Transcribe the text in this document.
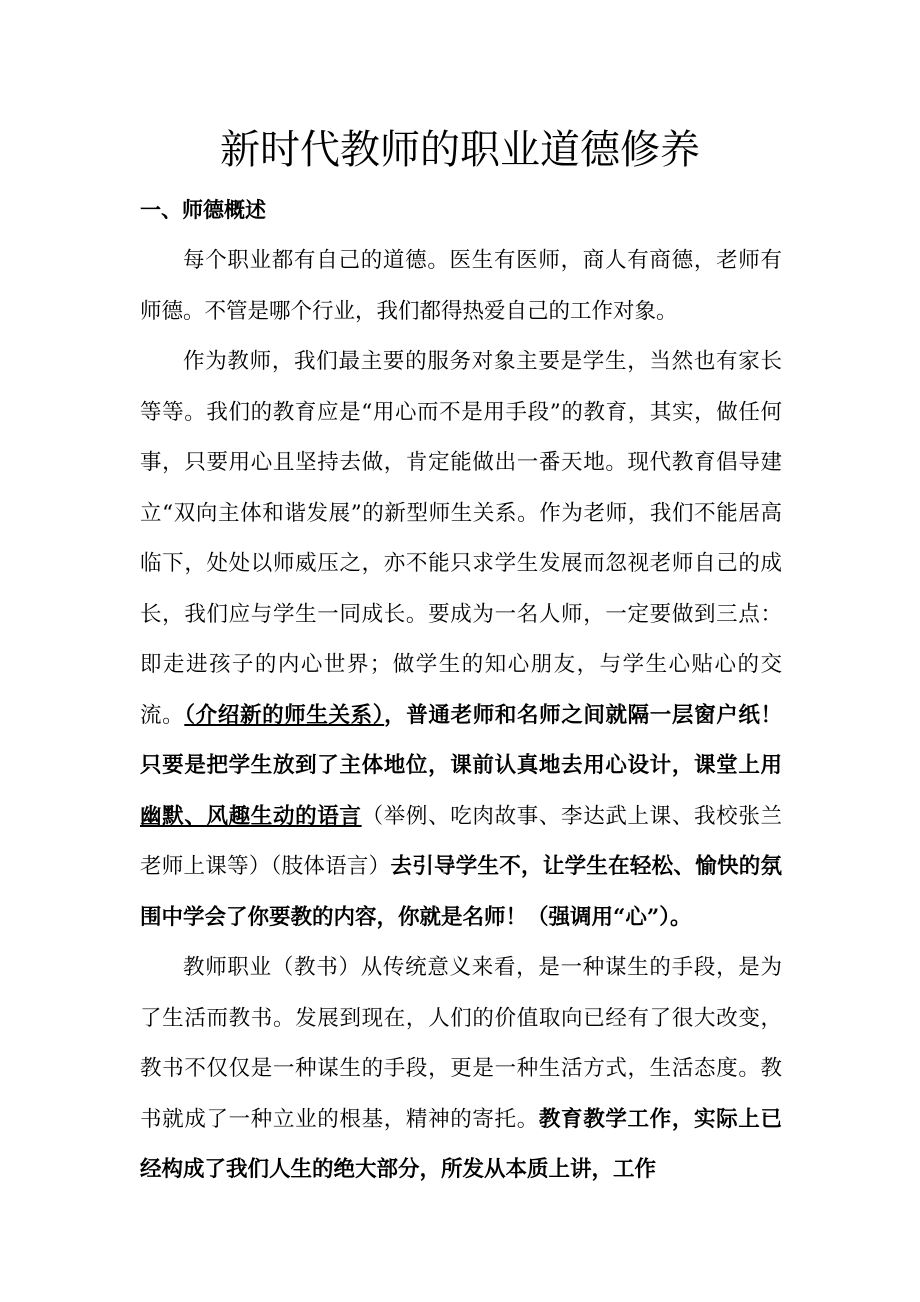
新时代教师的职业道德修养
一、师德概述

每个职业都有自己的道德。医生有医师，商人有商德，老师有师德。不管是哪个行业，我们都得热爱自己的工作对象。

作为教师，我们最主要的服务对象主要是学生，当然也有家长等等。我们的教育应是“用心而不是用手段”的教育，其实，做任何事，只要用心且坚持去做，肯定能做出一番天地。现代教育倡导建立“双向主体和谐发展”的新型师生关系。作为老师，我们不能居高临下，处处以师威压之，亦不能只求学生发展而忽视老师自己的成长，我们应与学生一同成长。要成为一名人师，一定要做到三点：即走进孩子的内心世界；做学生的知心朋友，与学生心贴心的交流。（介绍新的师生关系），普通老师和名师之间就隔一层窗户纸！只要是把学生放到了主体地位，课前认真地去用心设计，课堂上用幽默、风趣生动的语言（举例、吃肉故事、李达武上课、我校张兰老师上课等）（肢体语言）去引导学生不，让学生在轻松、愉快的氛围中学会了你要教的内容，你就是名师！（强调用“心”）。

教师职业（教书）从传统意义来看，是一种谋生的手段，是为了生活而教书。发展到现在，人们的价值取向已经有了很大改变，教书不仅仅是一种谋生的手段，更是一种生活方式，生活态度。教书就成了一种立业的根基，精神的寄托。教育教学工作，实际上已经构成了我们人生的绝大部分，所发从本质上讲，工作
